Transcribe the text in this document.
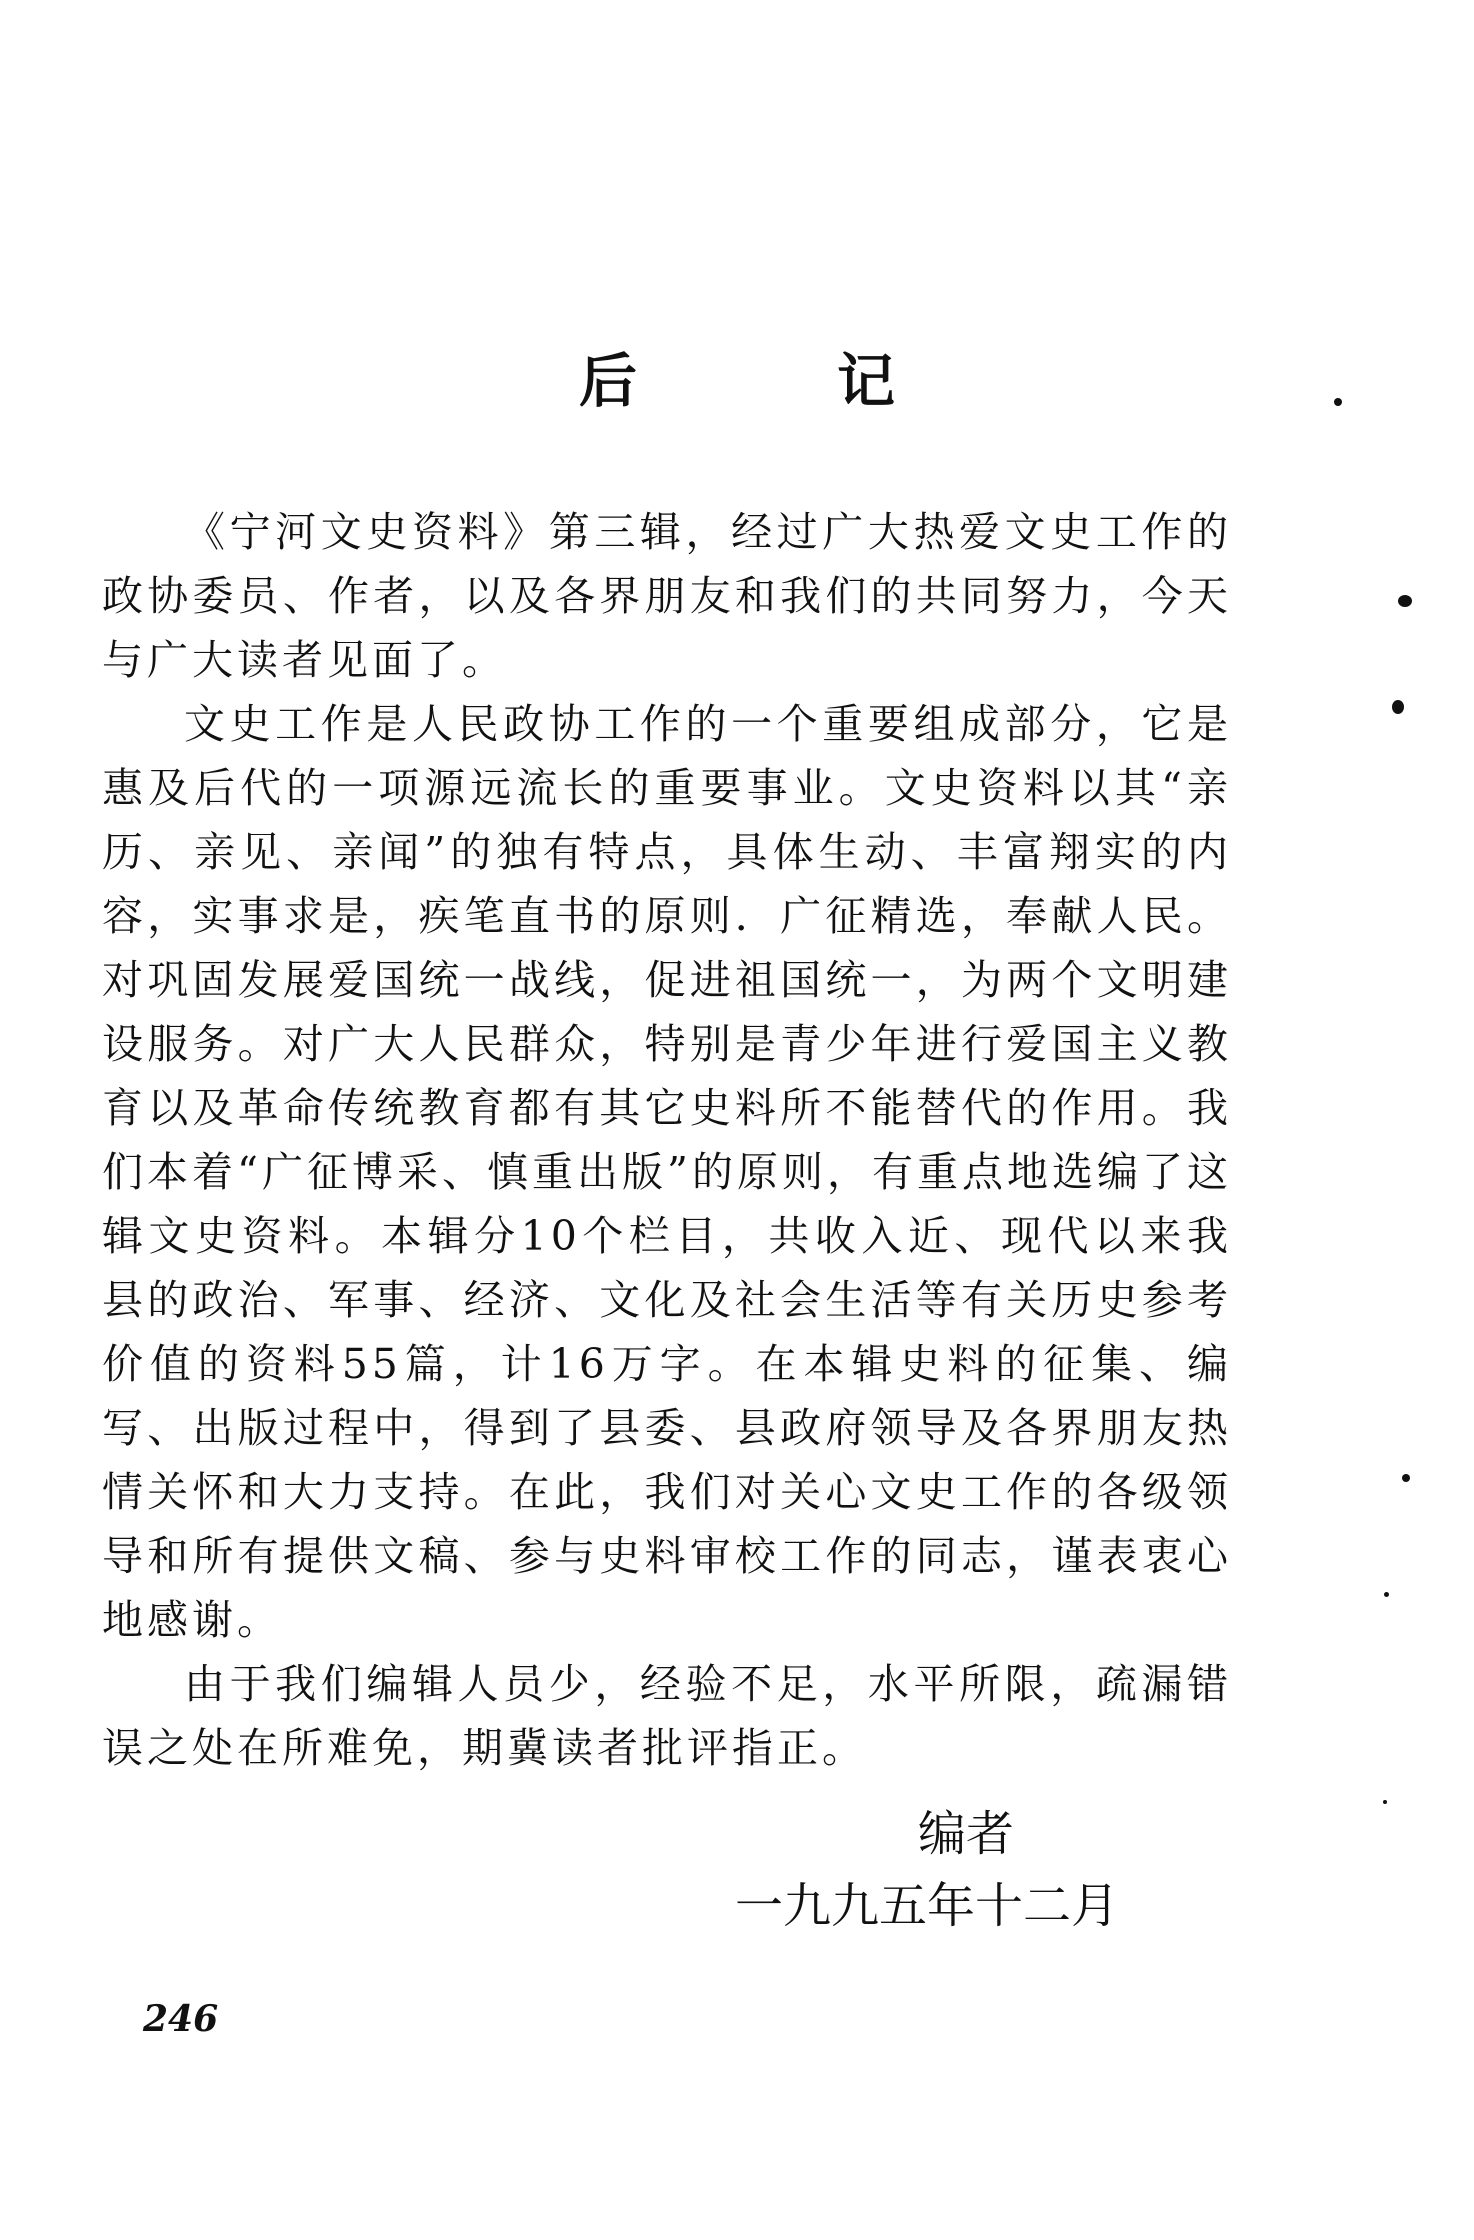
后	记

《宁河文史资料》第三辑，经过广大热爱文史工作的政协委员、作者，以及各界朋友和我们的共同努力，今天与广大读者见面了。

文史工作是人民政协工作的一个重要组成部分，它是惠及后代的一项源远流长的重要事业。文史资料以其“亲历、亲见、亲闻”的独有特点，具体生动、丰富翔实的内容，实事求是，疾笔直书的原则．广征精选，奉献人民。对巩固发展爱国统一战线，促进祖国统一，为两个文明建设服务。对广大人民群众，特别是青少年进行爱国主义教育以及革命传统教育都有其它史料所不能替代的作用。我们本着“广征博采、慎重出版”的原则，有重点地选编了这辑文史资料。本辑分10个栏目，共收入近、现代以来我县的政治、军事、经济、文化及社会生活等有关历史参考价值的资料55篇，计16万字。在本辑史料的征集、编写、出版过程中，得到了县委、县政府领导及各界朋友热情关怀和大力支持。在此，我们对关心文史工作的各级领导和所有提供文稿、参与史料审校工作的同志，谨表衷心地感谢。

由于我们编辑人员少，经验不足，水平所限，疏漏错误之处在所难免，期冀读者批评指正。

编者
一九九五年十二月
246
